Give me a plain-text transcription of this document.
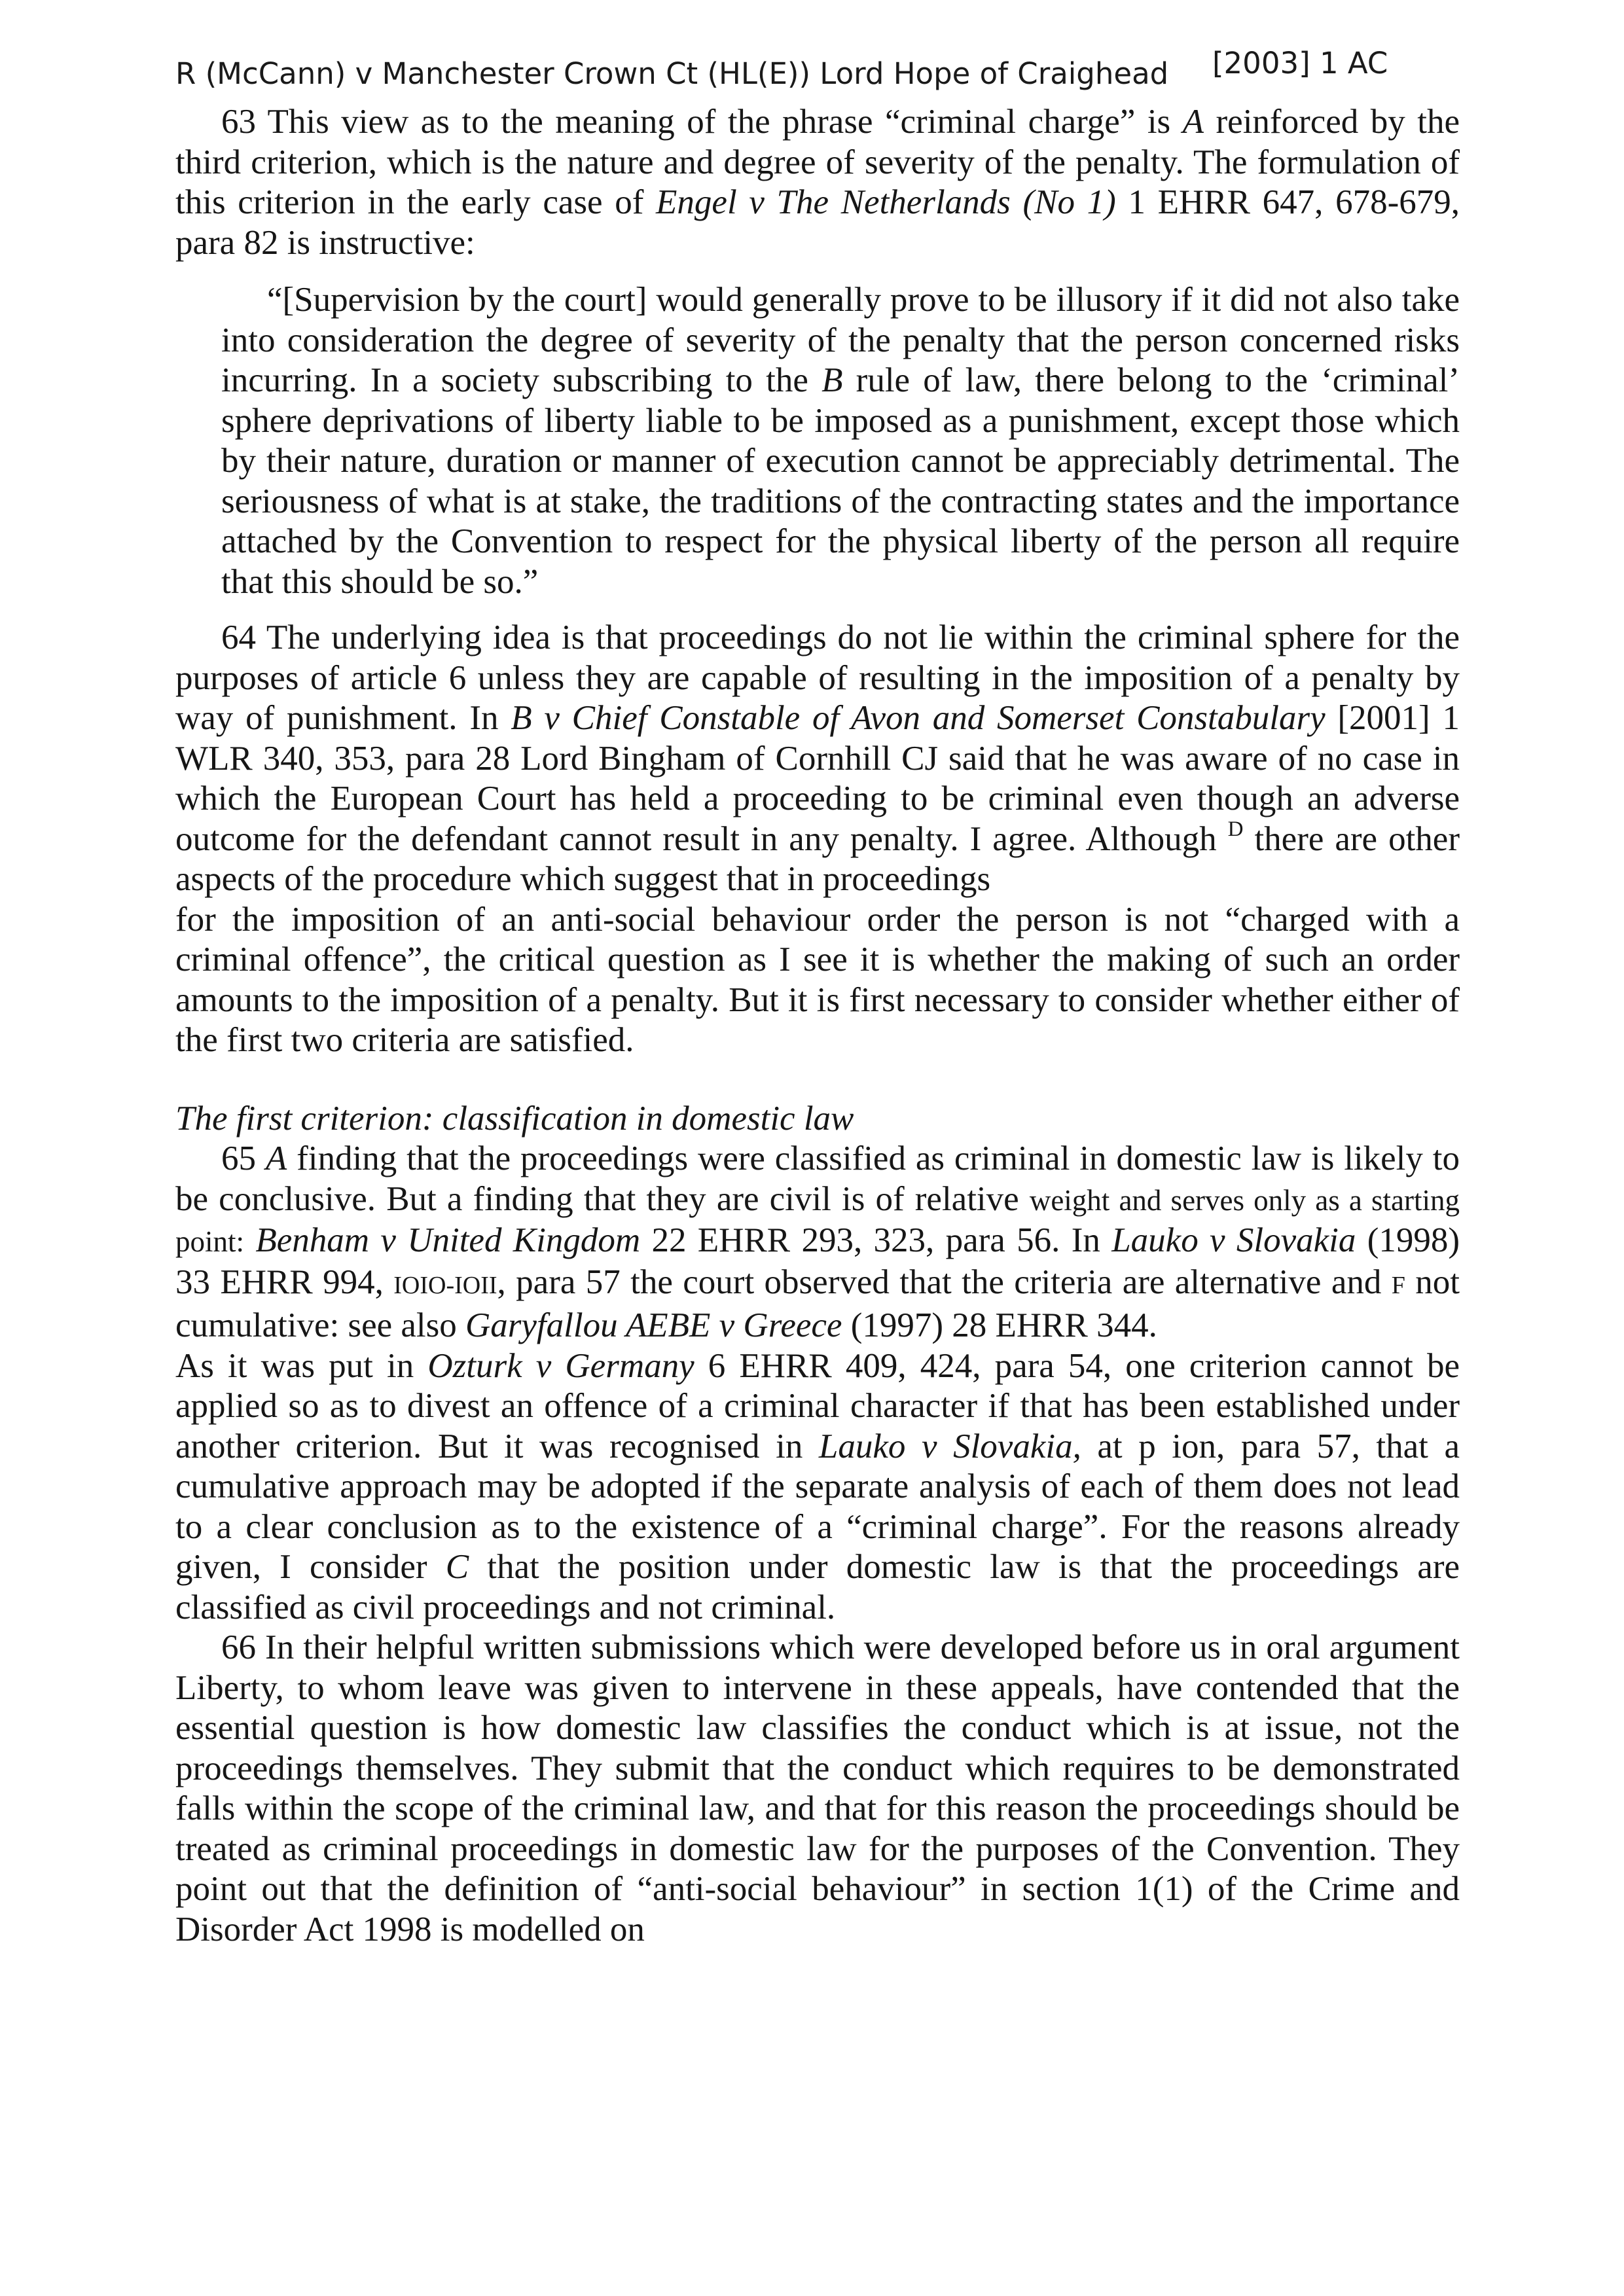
R (McCann) v Manchester Crown Ct (HL(E)) Lord Hope of Craighead [2003] 1 AC

63 This view as to the meaning of the phrase “criminal charge” is A reinforced by the third criterion, which is the nature and degree of severity of the penalty. The formulation of this criterion in the early case of Engel v The Netherlands (No 1) 1 EHRR 647, 678-679, para 82 is instructive:

“[Supervision by the court] would generally prove to be illusory if it did not also take into consideration the degree of severity of the penalty that the person concerned risks incurring. In a society subscribing to the B rule of law, there belong to the ‘criminal’ sphere deprivations of liberty liable to be imposed as a punishment, except those which by their nature, duration or manner of execution cannot be appreciably detrimental. The seriousness of what is at stake, the traditions of the contracting states and the importance attached by the Convention to respect for the physical liberty of the person all require that this should be so.”

64 The underlying idea is that proceedings do not lie within the criminal sphere for the purposes of article 6 unless they are capable of resulting in the imposition of a penalty by way of punishment. In B v Chief Constable of Avon and Somerset Constabulary [2001] 1 WLR 340, 353, para 28 Lord Bingham of Cornhill CJ said that he was aware of no case in which the European Court has held a proceeding to be criminal even though an adverse outcome for the defendant cannot result in any penalty. I agree. Although $^D$ there are other aspects of the procedure which suggest that in proceedings

for the imposition of an anti-social behaviour order the person is not “charged with a criminal offence”, the critical question as I see it is whether the making of such an order amounts to the imposition of a penalty. But it is first necessary to consider whether either of the first two criteria are satisfied.

The first criterion: classification in domestic law

65 A finding that the proceedings were classified as criminal in domestic law is likely to be conclusive. But a finding that they are civil is of relative weight and serves only as a starting point: Benham v United Kingdom 22 EHRR 293, 323, para 56. In Lauko v Slovakia (1998) 33 EHRR 994, IOIO-IOII, para 57 the court observed that the criteria are alternative and F not cumulative: see also Garyfallou AEBE v Greece (1997) 28 EHRR 344.

As it was put in Ozturk v Germany 6 EHRR 409, 424, para 54, one criterion cannot be applied so as to divest an offence of a criminal character if that has been established under another criterion. But it was recognised in Lauko v Slovakia, at p ion, para 57, that a cumulative approach may be adopted if the separate analysis of each of them does not lead to a clear conclusion as to the existence of a “criminal charge”. For the reasons already given, I consider C that the position under domestic law is that the proceedings are classified as civil proceedings and not criminal.

66 In their helpful written submissions which were developed before us in oral argument Liberty, to whom leave was given to intervene in these appeals, have contended that the essential question is how domestic law classifies the conduct which is at issue, not the proceedings themselves. They submit that the conduct which requires to be demonstrated falls within the scope of the criminal law, and that for this reason the proceedings should be treated as criminal proceedings in domestic law for the purposes of the Convention. They point out that the definition of “anti-social behaviour” in section 1(1) of the Crime and Disorder Act 1998 is modelled on
